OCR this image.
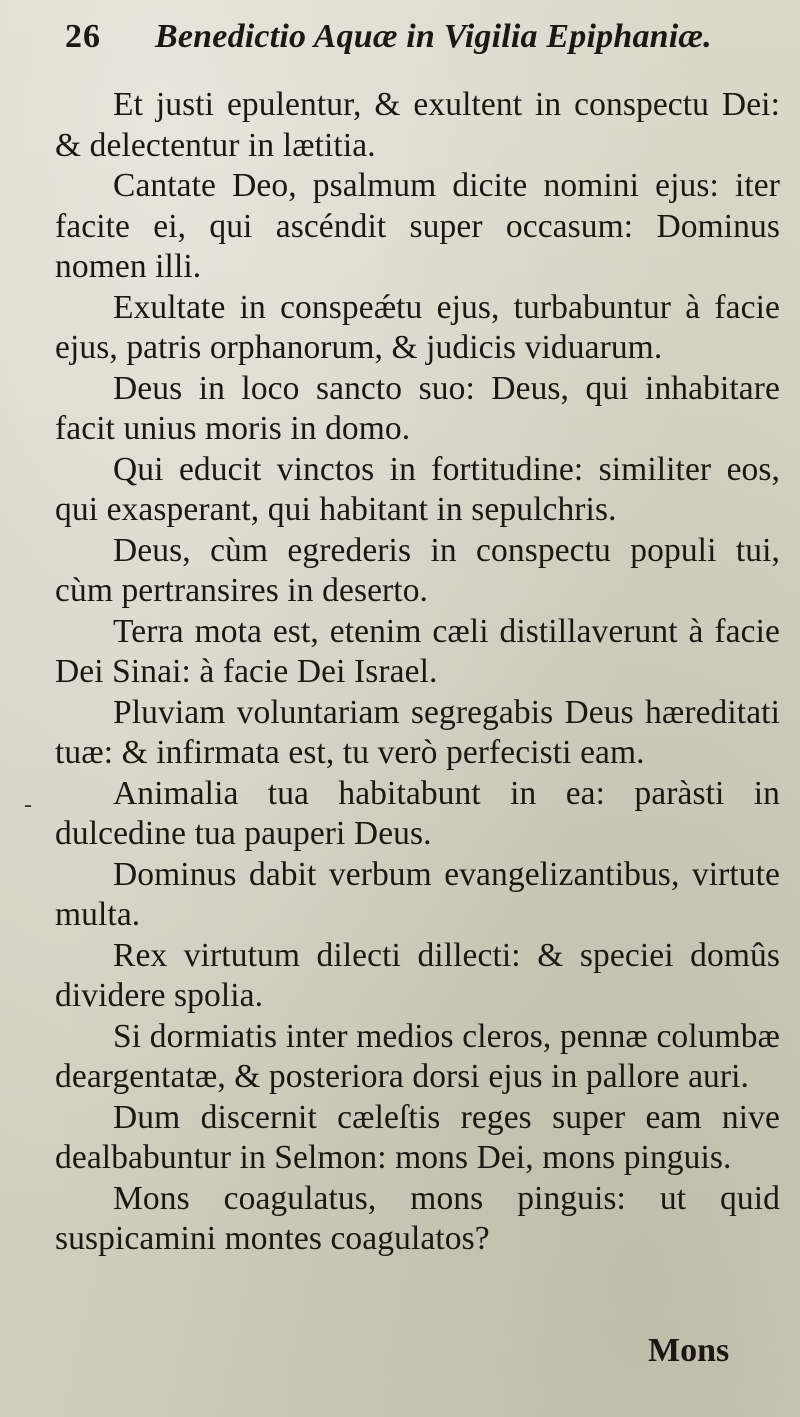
26	Benedictio Aquæ in Vigilia Epiphaniæ.
-

Et justi epulentur, & exultent in conspectu Dei: & delectentur in lætitia.

Cantate Deo, psalmum dicite nomini ejus: iter facite ei, qui ascéndit super occasum: Dominus nomen illi.

Exultate in conspeǽtu ejus, turbabuntur à facie ejus, patris orphanorum, & judicis viduarum.

Deus in loco sancto suo: Deus, qui inhabitare facit unius moris in domo.

Qui educit vinctos in fortitudine: similiter eos, qui exasperant, qui habitant in sepulchris.

Deus, cùm egrederis in conspectu populi tui, cùm pertransires in deserto.

Terra mota est, etenim cæli distillaverunt à facie Dei Sinai: à facie Dei Israel.

Pluviam voluntariam segregabis Deus hæreditati tuæ: & infirmata est, tu verò perfecisti eam.

Animalia tua habitabunt in ea: paràsti in dulcedine tua pauperi Deus.

Dominus dabit verbum evangelizantibus, virtute multa.

Rex virtutum dilecti dillecti: & speciei domûs dividere spolia.

Si dormiatis inter medios cleros, pennæ columbæ deargentatæ, & posteriora dorsi ejus in pallore auri.

Dum discernit cæleſtis reges super eam nive dealbabuntur in Selmon: mons Dei, mons pinguis.

Mons coagulatus, mons pinguis: ut quid suspicamini montes coagulatos?

Mons
